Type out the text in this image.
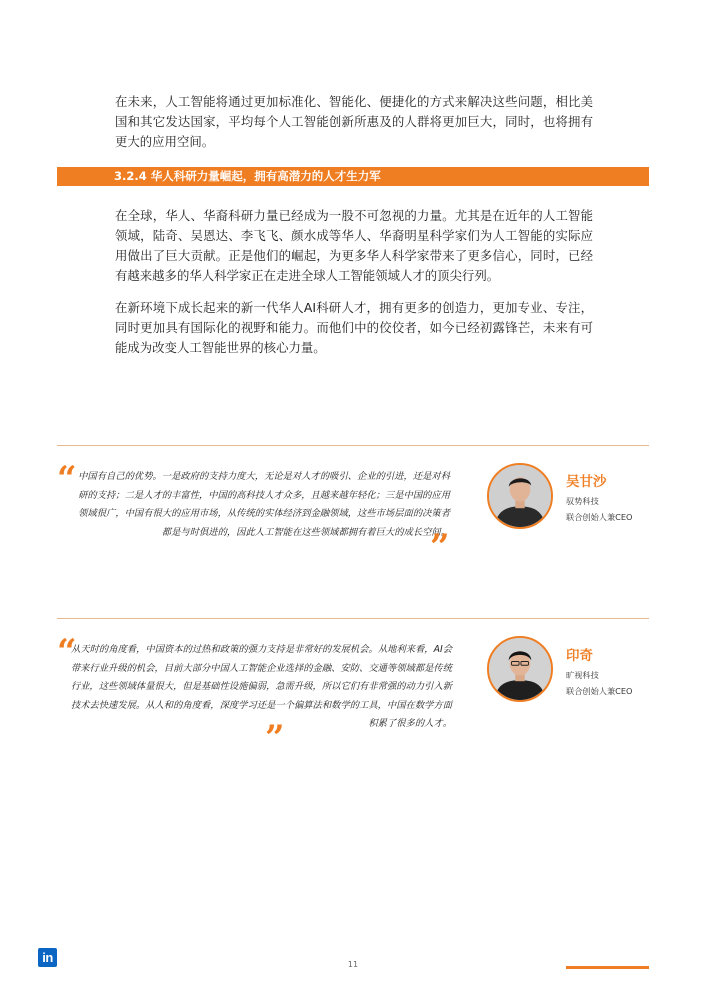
在未来，人工智能将通过更加标准化、智能化、便捷化的方式来解决这些问题，相比美国和其它发达国家，平均每个人工智能创新所惠及的人群将更加巨大，同时，也将拥有更大的应用空间。
3.2.4 华人科研力量崛起，拥有高潜力的人才生力军
在全球，华人、华裔科研力量已经成为一股不可忽视的力量。尤其是在近年的人工智能领域，陆奇、吴恩达、李飞飞、颜水成等华人、华裔明星科学家们为人工智能的实际应用做出了巨大贡献。正是他们的崛起，为更多华人科学家带来了更多信心，同时，已经有越来越多的华人科学家正在走进全球人工智能领域人才的顶尖行列。
在新环境下成长起来的新一代华人AI科研人才，拥有更多的创造力，更加专业、专注，同时更加具有国际化的视野和能力。而他们中的佼佼者，如今已经初露锋芒，未来有可能成为改变人工智能世界的核心力量。
“ 中国有自己的优势。一是政府的支持力度大，无论是对人才的吸引、企业的引进，还是对科研的支持；二是人才的丰富性，中国的高科技人才众多，且越来越年轻化；三是中国的应用领域很广，中国有很大的应用市场，从传统的实体经济到金融领域，这些市场层面的决策者都是与时俱进的，因此人工智能在这些领域都拥有着巨大的成长空间。
”
吴甘沙
驭势科技
联合创始人兼CEO
“
从天时的角度看，中国资本的过热和政策的强力支持是非常好的发展机会。从地利来看，AI会带来行业升级的机会，目前大部分中国人工智能企业选择的金融、安防、交通等领域都是传统行业，这些领域体量很大，但是基础性设施偏弱，急需升级，所以它们有非常强的动力引入新技术去快速发展。从人和的角度看，深度学习还是一个偏算法和数学的工具，中国在数学方面积累了很多的人才。
”
印奇
旷视科技
联合创始人兼CEO
in	11
